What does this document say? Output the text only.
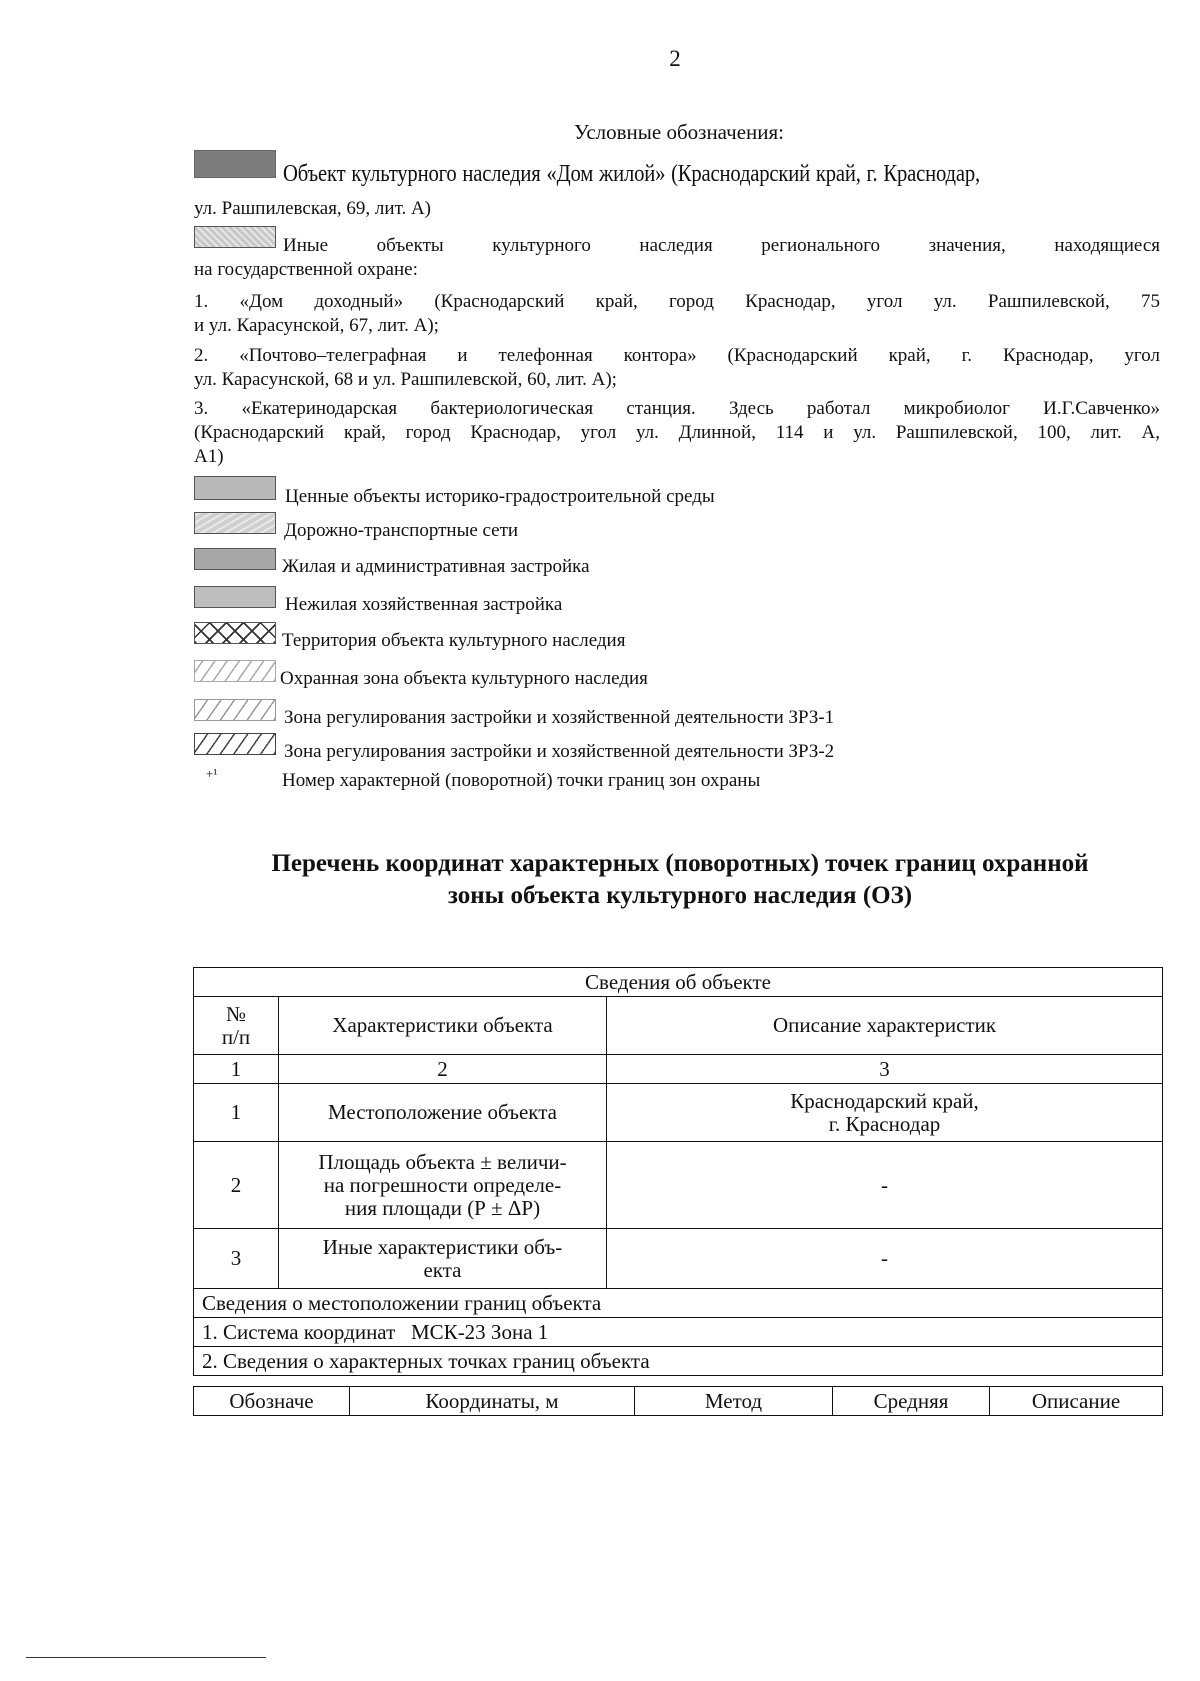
2
Условные обозначения:
Объект культурного наследия «Дом жилой» (Краснодарский край, г. Краснодар,
ул. Рашпилевская, 69, лит. А)
Иные объекты культурного наследия регионального значения, находящиеся
на государственной охране:
1. «Дом доходный» (Краснодарский край, город Краснодар, угол ул. Рашпилевской, 75
и ул. Карасунской, 67, лит. А);
2. «Почтово–телеграфная и телефонная контора» (Краснодарский край, г. Краснодар, угол
ул. Карасунской, 68 и ул. Рашпилевской, 60, лит. А);
3. «Екатеринодарская бактериологическая станция. Здесь работал микробиолог И.Г.Савченко»
(Краснодарский край, город Краснодар, угол ул. Длинной, 114 и ул. Рашпилевской, 100, лит. А,
А1)
Ценные объекты историко-градостроительной среды
Дорожно-транспортные сети
Жилая и административная застройка
Нежилая хозяйственная застройка
Территория объекта культурного наследия
Охранная зона объекта культурного наследия
Зона регулирования застройки и хозяйственной деятельности ЗРЗ-1
Зона регулирования застройки и хозяйственной деятельности ЗРЗ-2
+¹	Номер характерной (поворотной) точки границ зон охраны
Перечень координат характерных (поворотных) точек границ охранной
зоны объекта культурного наследия (ОЗ)
Сведения об объекте		

№
п/п	Характеристики объекта	Описание характеристик
1	2	3
1	Местоположение объекта	Краснодарский край,
г. Краснодар

2	Площадь объекта ± величи-
на погрешности определе-
ния площади (Р ± ΔР)	-
3	Иные характеристики объ-
екта	-
Сведения о местоположении границ объекта		
1. Система координат   МСК-23 Зона 1		
2. Сведения о характерных точках границ объекта		
Обозначе	Координаты, м	Метод	Средняя	Описание
